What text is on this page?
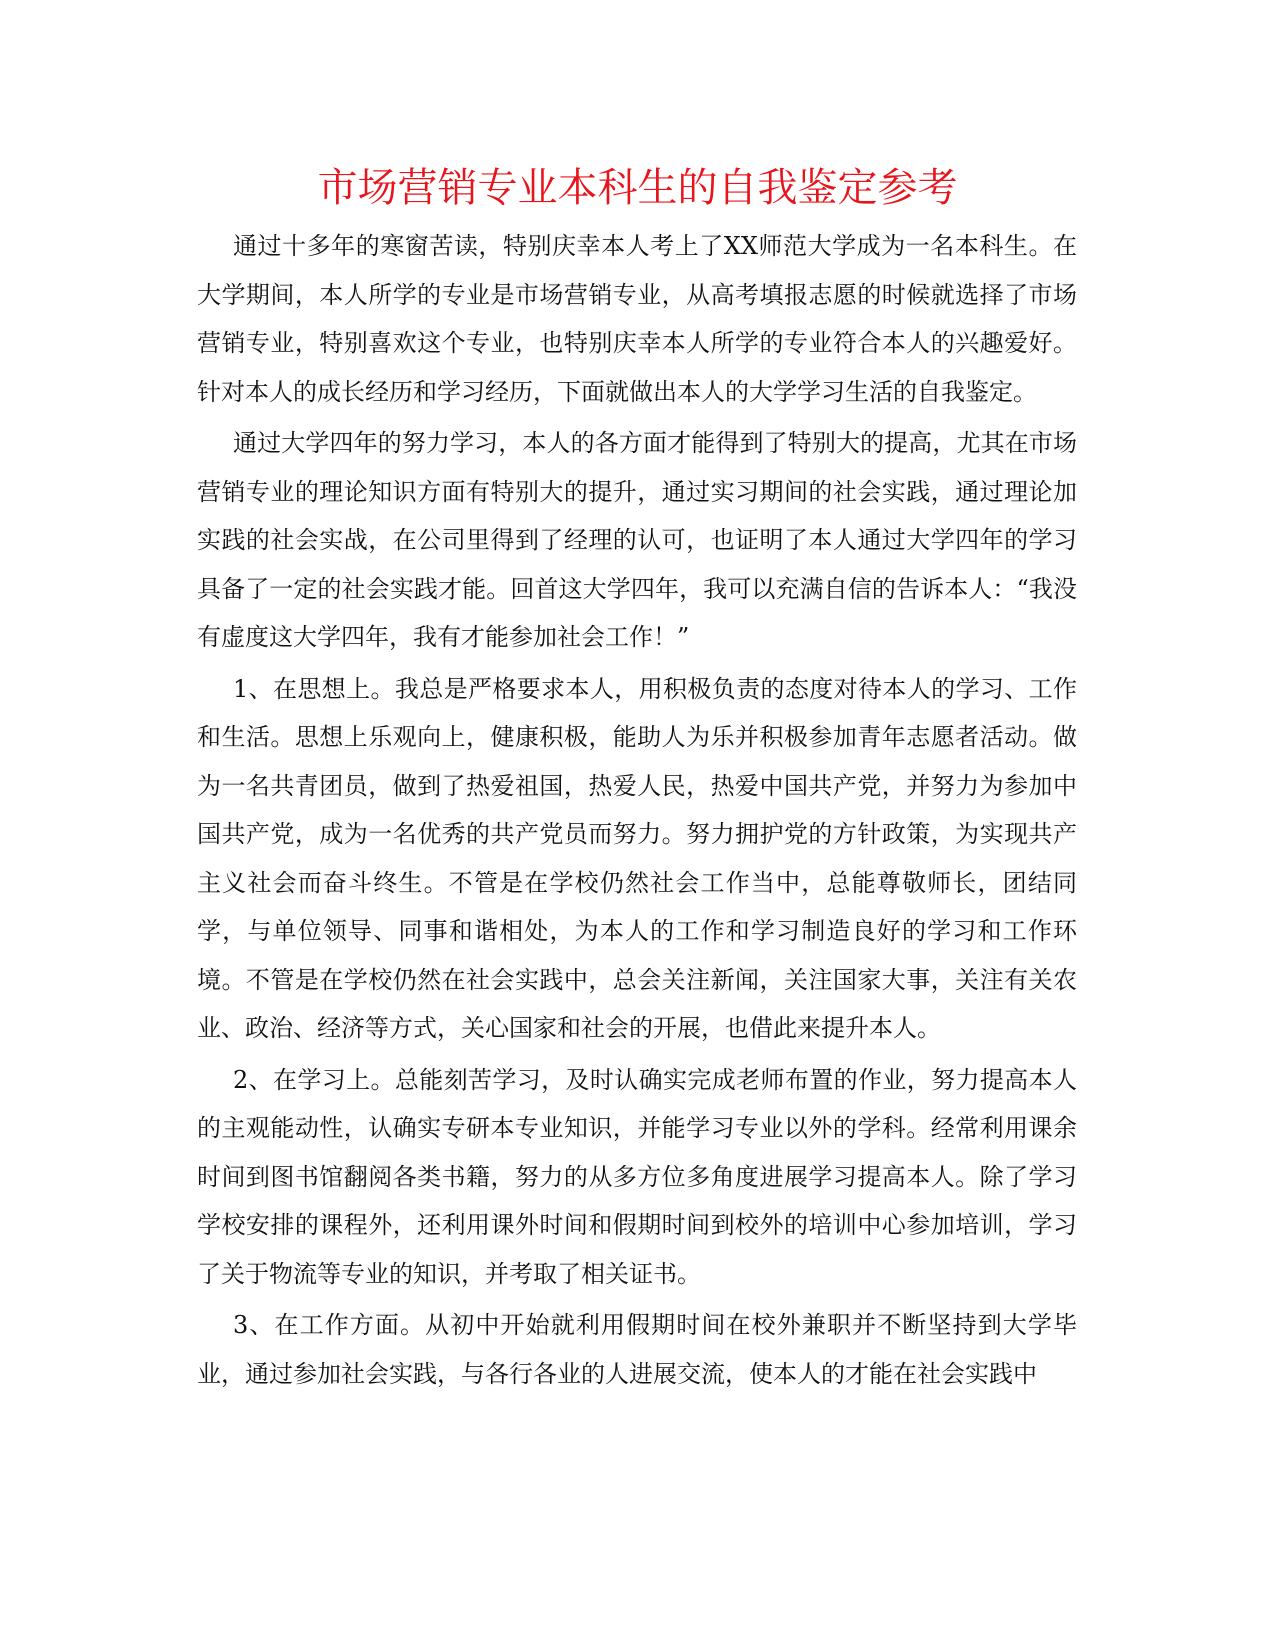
市场营销专业本科生的自我鉴定参考

通过十多年的寒窗苦读，特别庆幸本人考上了XX师范大学成为一名本科生。在大学期间，本人所学的专业是市场营销专业，从高考填报志愿的时候就选择了市场营销专业，特别喜欢这个专业，也特别庆幸本人所学的专业符合本人的兴趣爱好。针对本人的成长经历和学习经历，下面就做出本人的大学学习生活的自我鉴定。

通过大学四年的努力学习，本人的各方面才能得到了特别大的提高，尤其在市场营销专业的理论知识方面有特别大的提升，通过实习期间的社会实践，通过理论加实践的社会实战，在公司里得到了经理的认可，也证明了本人通过大学四年的学习具备了一定的社会实践才能。回首这大学四年，我可以充满自信的告诉本人：“我没有虚度这大学四年，我有才能参加社会工作！”

1、在思想上。我总是严格要求本人，用积极负责的态度对待本人的学习、工作和生活。思想上乐观向上，健康积极，能助人为乐并积极参加青年志愿者活动。做为一名共青团员，做到了热爱祖国，热爱人民，热爱中国共产党，并努力为参加中国共产党，成为一名优秀的共产党员而努力。努力拥护党的方针政策，为实现共产主义社会而奋斗终生。不管是在学校仍然社会工作当中，总能尊敬师长，团结同学，与单位领导、同事和谐相处，为本人的工作和学习制造良好的学习和工作环境。不管是在学校仍然在社会实践中，总会关注新闻，关注国家大事，关注有关农业、政治、经济等方式，关心国家和社会的开展，也借此来提升本人。

2、在学习上。总能刻苦学习，及时认确实完成老师布置的作业，努力提高本人的主观能动性，认确实专研本专业知识，并能学习专业以外的学科。经常利用课余时间到图书馆翻阅各类书籍，努力的从多方位多角度进展学习提高本人。除了学习学校安排的课程外，还利用课外时间和假期时间到校外的培训中心参加培训，学习了关于物流等专业的知识，并考取了相关证书。

3、在工作方面。从初中开始就利用假期时间在校外兼职并不断坚持到大学毕业，通过参加社会实践，与各行各业的人进展交流，使本人的才能在社会实践中
